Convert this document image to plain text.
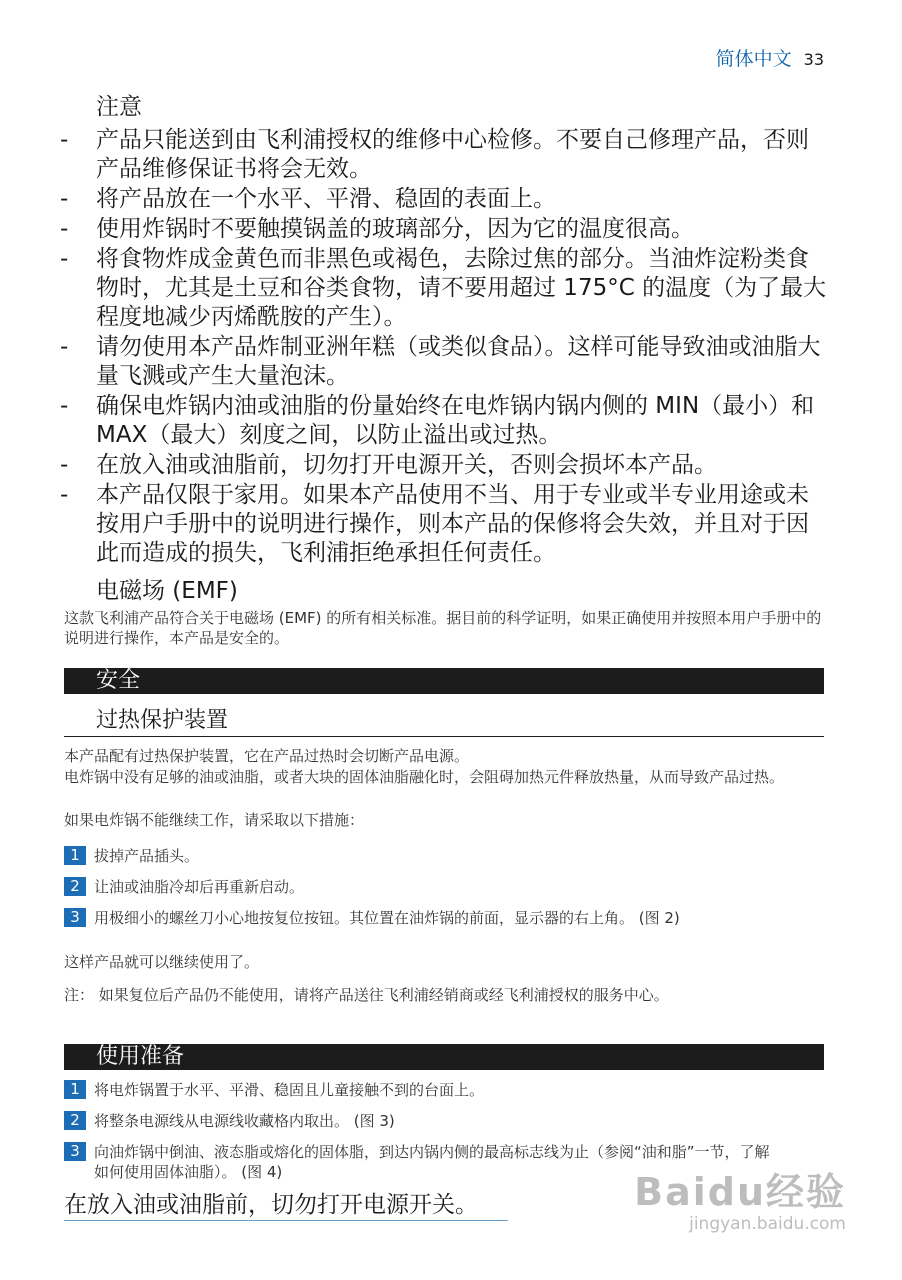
简体中文 33
注意
-	产品只能送到由飞利浦授权的维修中心检修。不要自己修理产品，否则产品维修保证书将会无效。
-	将产品放在一个水平、平滑、稳固的表面上。
-	使用炸锅时不要触摸锅盖的玻璃部分，因为它的温度很高。
-	将食物炸成金黄色而非黑色或褐色，去除过焦的部分。当油炸淀粉类食物时，尤其是土豆和谷类食物，请不要用超过 175°C 的温度（为了最大程度地减少丙烯酰胺的产生）。
-	请勿使用本产品炸制亚洲年糕（或类似食品）。这样可能导致油或油脂大量飞溅或产生大量泡沫。
-	确保电炸锅内油或油脂的份量始终在电炸锅内锅内侧的 MIN（最小）和 MAX（最大）刻度之间，以防止溢出或过热。
-	在放入油或油脂前，切勿打开电源开关，否则会损坏本产品。
-	本产品仅限于家用。如果本产品使用不当、用于专业或半专业用途或未按用户手册中的说明进行操作，则本产品的保修将会失效，并且对于因此而造成的损失，飞利浦拒绝承担任何责任。
电磁场 (EMF)
这款飞利浦产品符合关于电磁场 (EMF) 的所有相关标准。据目前的科学证明，如果正确使用并按照本用户手册中的说明进行操作，本产品是安全的。
安全
过热保护装置
本产品配有过热保护装置，它在产品过热时会切断产品电源。
电炸锅中没有足够的油或油脂，或者大块的固体油脂融化时，会阻碍加热元件释放热量，从而导致产品过热。
如果电炸锅不能继续工作，请采取以下措施：
1 拔掉产品插头。
2 让油或油脂冷却后再重新启动。
3 用极细小的螺丝刀小心地按复位按钮。其位置在油炸锅的前面，显示器的右上角。 (图 2)
这样产品就可以继续使用了。
注： 如果复位后产品仍不能使用，请将产品送往飞利浦经销商或经飞利浦授权的服务中心。
使用准备
1 将电炸锅置于水平、平滑、稳固且儿童接触不到的台面上。
2 将整条电源线从电源线收藏格内取出。 (图 3)
3 向油炸锅中倒油、液态脂或熔化的固体脂，到达内锅内侧的最高标志线为止（参阅“油和脂”一节，了解如何使用固体油脂）。 (图 4)
在放入油或油脂前，切勿打开电源开关。	Baidu经验
jingyan.baidu.com
